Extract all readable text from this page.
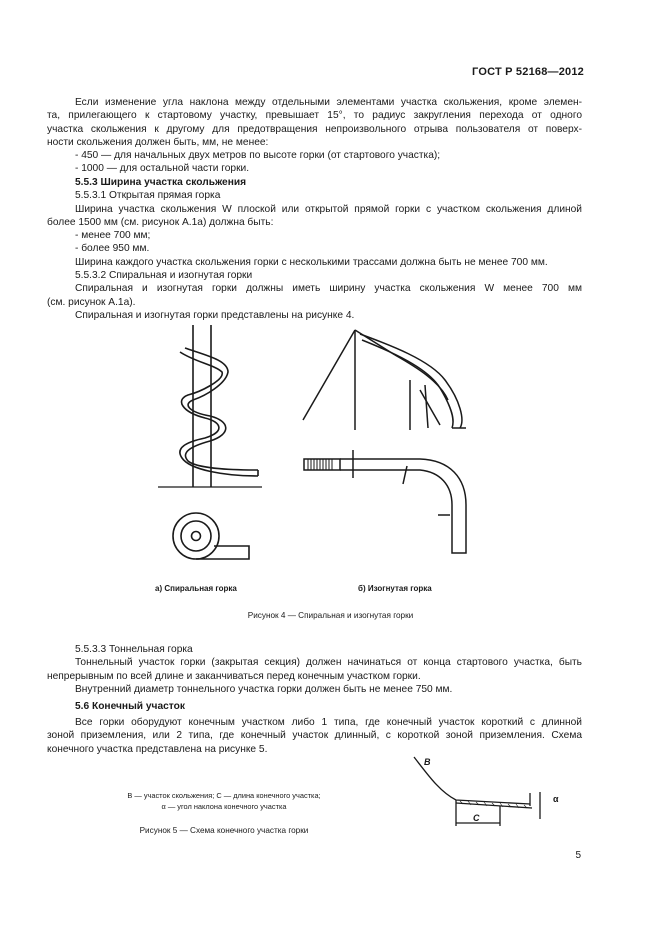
ГОСТ Р 52168—2012
Если изменение угла наклона между отдельными элементами участка скольжения, кроме элемен-
та, прилегающего к стартовому участку, превышает 15°, то радиус закругления перехода от одного
участка скольжения к другому для предотвращения непроизвольного отрыва пользователя от поверх-
ности скольжения должен быть, мм, не менее:
- 450 — для начальных двух метров по высоте горки (от стартового участка);
- 1000 — для остальной части горки.
5.5.3 Ширина участка скольжения
5.5.3.1 Открытая прямая горка
Ширина участка скольжения W плоской или открытой прямой горки с участком скольжения длиной
более 1500 мм (см. рисунок А.1а) должна быть:
- менее 700 мм;
- более 950 мм.
Ширина каждого участка скольжения горки с несколькими трассами должна быть не менее 700 мм.
5.5.3.2 Спиральная и изогнутая горки
Спиральная и изогнутая горки должны иметь ширину участка скольжения W менее 700 мм
(см. рисунок А.1а).
Спиральная и изогнутая горки представлены на рисунке 4.
а) Спиральная горка	б) Изогнутая горка
Рисунок 4 — Спиральная и изогнутая горки
5.5.3.3 Тоннельная горка
Тоннельный участок горки (закрытая секция) должен начинаться от конца стартового участка, быть
непрерывным по всей длине и заканчиваться перед конечным участком горки.
Внутренний диаметр тоннельного участка горки должен быть не менее 750 мм.
5.6 Конечный участок
Все горки оборудуют конечным участком либо 1 типа, где конечный участок короткий с длинной
зоной приземления, или 2 типа, где конечный участок длинный, с короткой зоной приземления. Схема
конечного участка представлена на рисунке 5.
B — участок скольжения; C — длина конечного участка;
α — угол наклона конечного участка
Рисунок 5 — Схема конечного участка горки
B
C
α
5
